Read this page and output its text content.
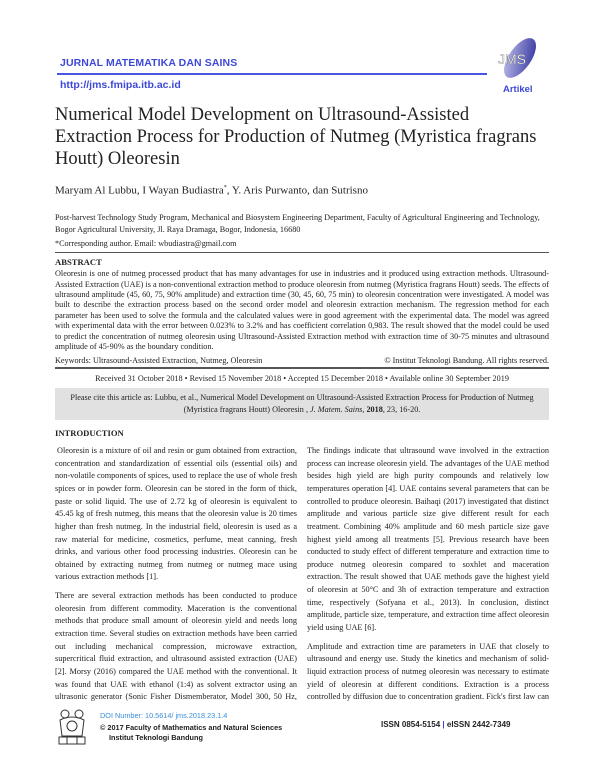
JURNAL MATEMATIKA DAN SAINS
http://jms.fmipa.itb.ac.id
JMS
Artikel
Numerical Model Development on Ultrasound-Assisted Extraction Process for Production of Nutmeg (Myristica fragrans Houtt) Oleoresin
Maryam Al Lubbu, I Wayan Budiastra*, Y. Aris Purwanto, dan Sutrisno
Post-harvest Technology Study Program, Mechanical and Biosystem Engineering Department, Faculty of Agricultural Engineering and Technology, Bogor Agricultural University, Jl. Raya Dramaga, Bogor, Indonesia, 16680
*Corresponding author. Email: wbudiastra@gmail.com
ABSTRACT
Oleoresin is one of nutmeg processed product that has many advantages for use in industries and it produced using extraction methods. Ultrasound-Assisted Extraction (UAE) is a non-conventional extraction method to produce oleoresin from nutmeg (Myristica fragrans Houtt) seeds. The effects of ultrasound amplitude (45, 60, 75, 90% amplitude) and extraction time (30, 45, 60, 75 min) to oleoresin concentration were investigated. A model was built to describe the extraction process based on the second order model and oleoresin extraction mechanism. The regression method for each parameter has been used to solve the formula and the calculated values were in good agreement with the experimental data. The model was agreed with experimental data with the error between 0.023% to 3.2% and has coefficient correlation 0,983. The result showed that the model could be used to predict the concentration of nutmeg oleoresin using Ultrasound-Assisted Extraction method with extraction time of 30-75 minutes and ultrasound amplitude of 45-90% as the boundary condition.
Keywords: Ultrasound-Assisted Extraction, Nutmeg, Oleoresin	© Institut Teknologi Bandung. All rights reserved.
Received 31 October 2018 • Revised 15 November 2018 • Accepted 15 December 2018 • Available online 30 September 2019
Please cite this article as: Lubbu, et al., Numerical Model Development on Ultrasound-Assisted Extraction Process for Production of Nutmeg (Myristica fragrans Houtt) Oleoresin , J. Matem. Sains, 2018, 23, 16-20.
INTRODUCTION

Oleoresin is a mixture of oil and resin or gum obtained from extraction, concentration and standardization of essential oils (essential oils) and non-volatile components of spices, used to replace the use of whole fresh spices or in powder form. Oleoresin can be stored in the form of thick, paste or solid liquid. The use of 2.72 kg of oleoresin is equivalent to 45.45 kg of fresh nutmeg, this means that the oleoresin value is 20 times higher than fresh nutmeg. In the industrial field, oleoresin is used as a raw material for medicine, cosmetics, perfume, meat canning, fresh drinks, and various other food processing industries. Oleoresin can be obtained by extracting nutmeg from nutmeg or nutmeg mace using various extraction methods [1].

There are several extraction methods has been conducted to produce oleoresin from different commodity. Maceration is the conventional methods that produce small amount of oleoresin yield and needs long extraction time. Several studies on extraction methods have been carried out including mechanical compression, microwave extraction, supercritical fluid extraction, and ultrasound assisted extraction (UAE) [2]. Morsy (2016) compared the UAE method with the conventional. It was found that UAE with ethanol (1:4) as solvent extractor using an ultrasonic generator (Sonic Fisher Dismemberator, Model 300, 50 Hz,

The findings indicate that ultrasound wave involved in the extraction process can increase oleoresin yield. The advantages of the UAE method besides high yield are high purity compounds and relatively low temperatures operation [4]. UAE contains several parameters that can be controlled to produce oleoresin. Baihaqi (2017) investigated that distinct amplitude and various particle size give different result for each treatment. Combining 40% amplitude and 60 mesh particle size gave highest yield among all treatments [5]. Previous research have been conducted to study effect of different temperature and extraction time to produce nutmeg oleoresin compared to soxhlet and maceration extraction. The result showed that UAE methods gave the highest yield of oleoresin at 50°C and 3h of extraction temperature and extraction time, respectively (Sofyana et al., 2013). In conclusion, distinct amplitude, particle size, temperature, and extraction time affect oleoresin yield using UAE [6].

Amplitude and extraction time are parameters in UAE that closely to ultrasound and energy use. Study the kinetics and mechanism of solid-liquid extraction process of nutmeg oleoresin was necessary to estimate yield of oleoresin at different conditions. Extraction is a process controlled by diffusion due to concentration gradient. Fick's first law can

DOI Number: 10.5614/ jms.2018.23.1.4
© 2017 Faculty of Mathematics and Natural Sciences
Institut Teknologi Bandung
ISSN 0854-5154 | eISSN 2442-7349
